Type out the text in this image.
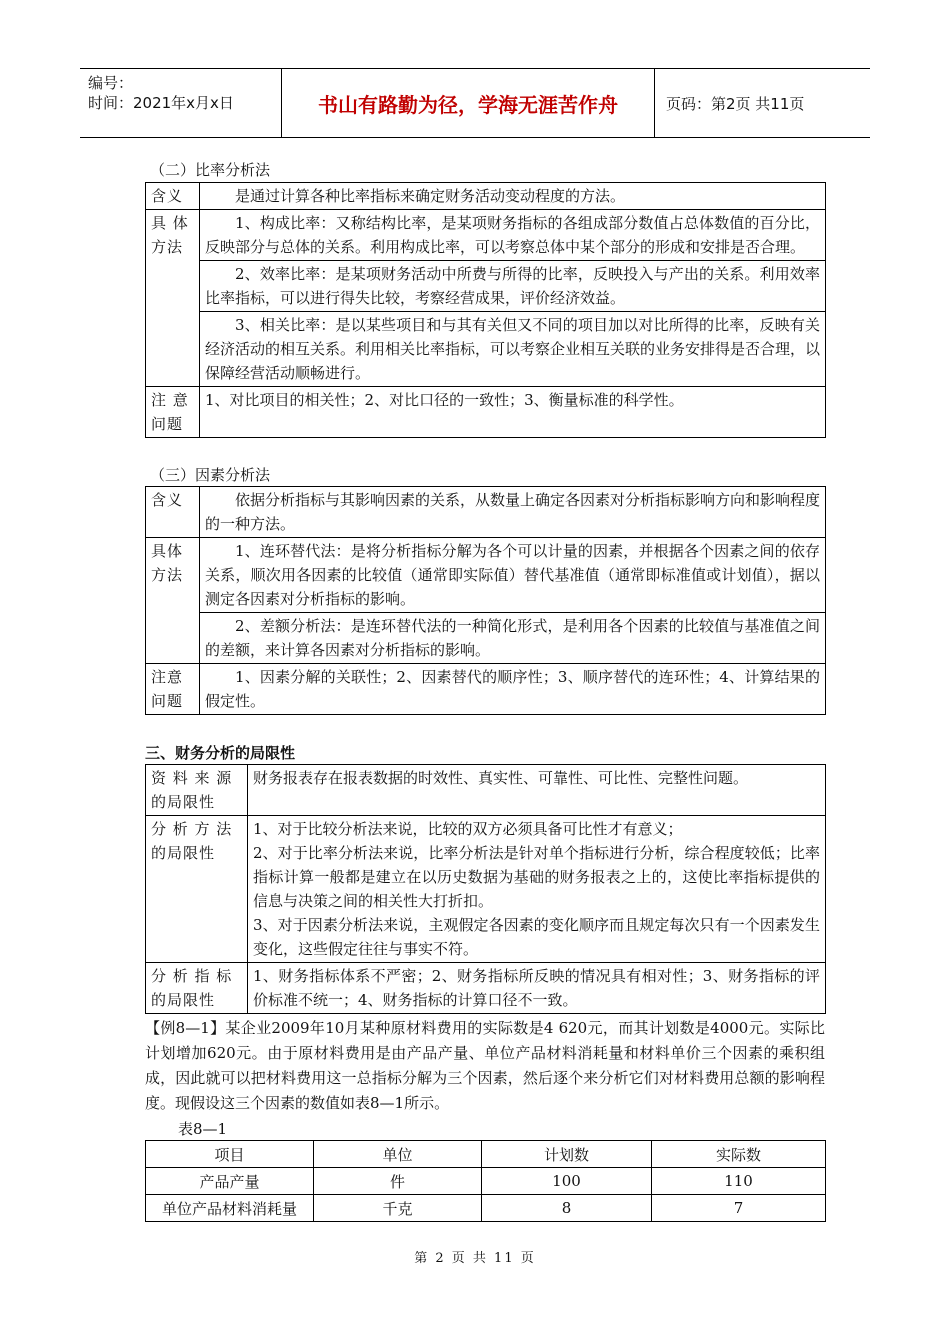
编号：
时间：2021年x月x日	书山有路勤为径，学海无涯苦作舟	页码：第2页 共11页
（二）比率分析法
含义	是通过计算各种比率指标来确定财务活动变动程度的方法。
具 体 方法	1、构成比率：又称结构比率，是某项财务指标的各组成部分数值占总体数值的百分比，反映部分与总体的关系。利用构成比率，可以考察总体中某个部分的形成和安排是否合理。
	2、效率比率：是某项财务活动中所费与所得的比率，反映投入与产出的关系。利用效率比率指标，可以进行得失比较，考察经营成果，评价经济效益。
	3、相关比率：是以某些项目和与其有关但又不同的项目加以对比所得的比率，反映有关经济活动的相互关系。利用相关比率指标，可以考察企业相互关联的业务安排得是否合理，以保障经营活动顺畅进行。
注 意 问题	1、对比项目的相关性；2、对比口径的一致性；3、衡量标准的科学性。
（三）因素分析法
含义	依据分析指标与其影响因素的关系，从数量上确定各因素对分析指标影响方向和影响程度的一种方法。
具体 方法	1、连环替代法：是将分析指标分解为各个可以计量的因素，并根据各个因素之间的依存关系，顺次用各因素的比较值（通常即实际值）替代基准值（通常即标准值或计划值），据以测定各因素对分析指标的影响。
	2、差额分析法：是连环替代法的一种简化形式，是利用各个因素的比较值与基准值之间的差额，来计算各因素对分析指标的影响。
注意 问题	1、因素分解的关联性；2、因素替代的顺序性；3、顺序替代的连环性；4、计算结果的假定性。
三、财务分析的局限性
资 料 来 源 的局限性	财务报表存在报表数据的时效性、真实性、可靠性、可比性、完整性问题。

分 析 方 法 的局限性	1、对于比较分析法来说，比较的双方必须具备可比性才有意义；
2、对于比率分析法来说，比率分析法是针对单个指标进行分析，综合程度较低；比率指标计算一般都是建立在以历史数据为基础的财务报表之上的，这使比率指标提供的信息与决策之间的相关性大打折扣。
3、对于因素分析法来说，主观假定各因素的变化顺序而且规定每次只有一个因素发生变化，这些假定往往与事实不符。

分 析 指 标 的局限性	1、财务指标体系不严密；2、财务指标所反映的情况具有相对性；3、财务指标的评价标准不统一；4、财务指标的计算口径不一致。
【例8—1】某企业2009年10月某种原材料费用的实际数是4 620元，而其计划数是4000元。实际比计划增加620元。由于原材料费用是由产品产量、单位产品材料消耗量和材料单价三个因素的乘积组成，因此就可以把材料费用这一总指标分解为三个因素，然后逐个来分析它们对材料费用总额的影响程度。现假设这三个因素的数值如表8—1所示。
表8—1
项目	单位	计划数	实际数
产品产量	件	100	110
单位产品材料消耗量	千克	8	7
第 2 页 共 11 页
